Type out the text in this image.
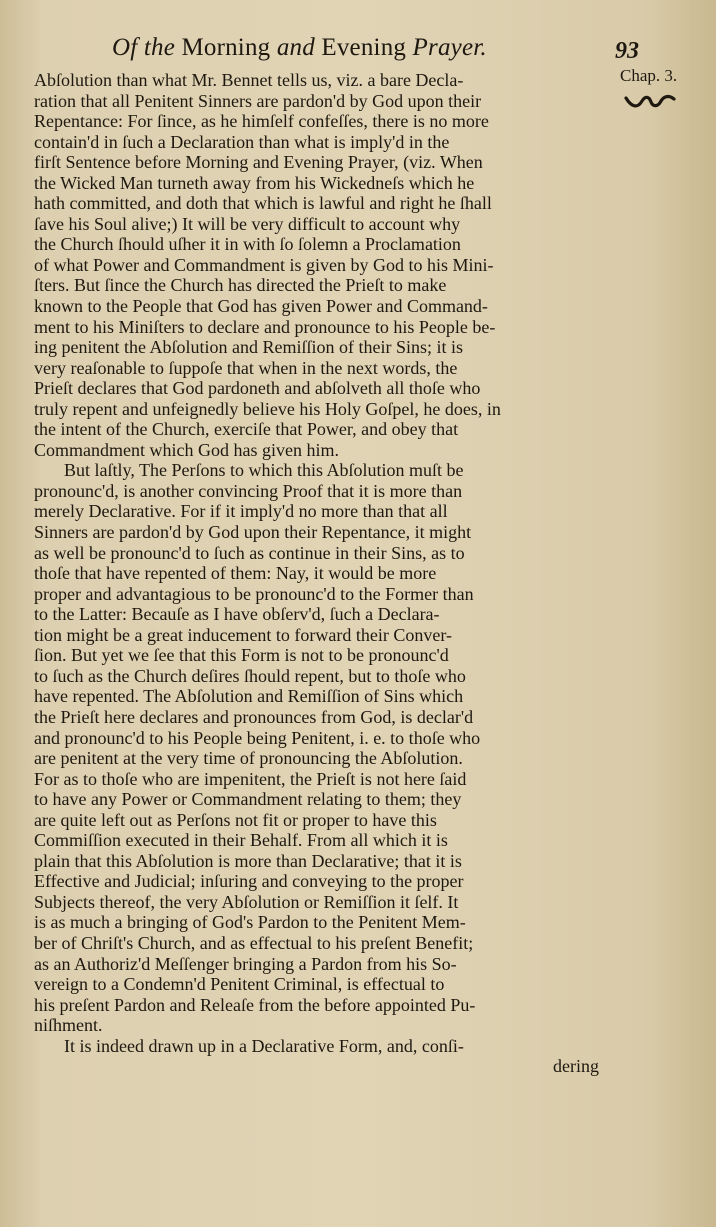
Of the Morning and Evening Prayer.	93
Chap. 3.
Abſolution than what Mr. Bennet tells us, viz. a bare Decla-
ration that all Penitent Sinners are pardon'd by God upon their
Repentance: For ſince, as he himſelf confeſſes, there is no more
contain'd in ſuch a Declaration than what is imply'd in the
firſt Sentence before Morning and Evening Prayer, (viz. When
the Wicked Man turneth away from his Wickedneſs which he
hath committed, and doth that which is lawful and right he ſhall
ſave his Soul alive;) It will be very difficult to account why
the Church ſhould uſher it in with ſo ſolemn a Proclamation
of what Power and Commandment is given by God to his Mini-
ſters. But ſince the Church has directed the Prieſt to make
known to the People that God has given Power and Command-
ment to his Miniſters to declare and pronounce to his People be-
ing penitent the Abſolution and Remiſſion of their Sins; it is
very reaſonable to ſuppoſe that when in the next words, the
Prieſt declares that God pardoneth and abſolveth all thoſe who
truly repent and unfeignedly believe his Holy Goſpel, he does, in
the intent of the Church, exerciſe that Power, and obey that
Commandment which God has given him.
But laſtly, The Perſons to which this Abſolution muſt be
pronounc'd, is another convincing Proof that it is more than
merely Declarative. For if it imply'd no more than that all
Sinners are pardon'd by God upon their Repentance, it might
as well be pronounc'd to ſuch as continue in their Sins, as to
thoſe that have repented of them: Nay, it would be more
proper and advantagious to be pronounc'd to the Former than
to the Latter: Becauſe as I have obſerv'd, ſuch a Declara-
tion might be a great inducement to forward their Conver-
ſion. But yet we ſee that this Form is not to be pronounc'd
to ſuch as the Church deſires ſhould repent, but to thoſe who
have repented. The Abſolution and Remiſſion of Sins which
the Prieſt here declares and pronounces from God, is declar'd
and pronounc'd to his People being Penitent, i. e. to thoſe who
are penitent at the very time of pronouncing the Abſolution.
For as to thoſe who are impenitent, the Prieſt is not here ſaid
to have any Power or Commandment relating to them; they
are quite left out as Perſons not fit or proper to have this
Commiſſion executed in their Behalf. From all which it is
plain that this Abſolution is more than Declarative; that it is
Effective and Judicial; inſuring and conveying to the proper
Subjects thereof, the very Abſolution or Remiſſion it ſelf. It
is as much a bringing of God's Pardon to the Penitent Mem-
ber of Chriſt's Church, and as effectual to his preſent Benefit;
as an Authoriz'd Meſſenger bringing a Pardon from his So-
vereign to a Condemn'd Penitent Criminal, is effectual to
his preſent Pardon and Releaſe from the before appointed Pu-
niſhment.
It is indeed drawn up in a Declarative Form, and, conſi-
dering
